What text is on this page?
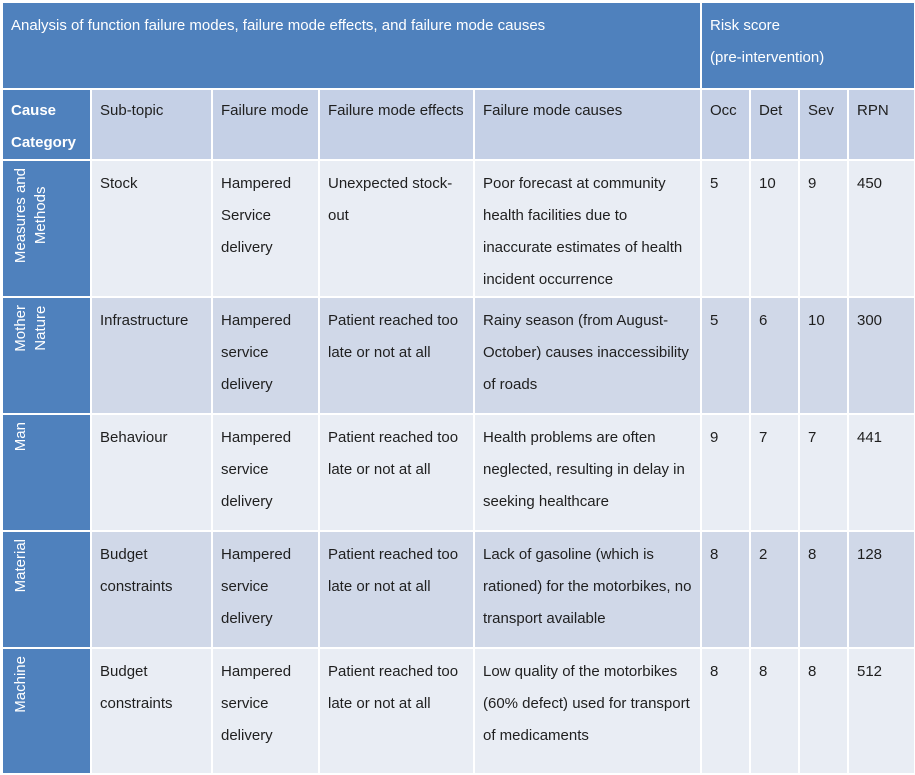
Analysis of function failure modes, failure mode effects, and failure mode causes					Risk score
(pre-intervention)			

Cause Category	Sub-topic	Failure mode	Failure mode effects	Failure mode causes	Occ	Det	Sev	RPN
Measures and
Methods	Stock	Hampered Service delivery	Unexpected stock-out	Poor forecast at community health facilities due to inaccurate estimates of health incident occurrence	5	10	9	450
Mother
Nature	Infrastructure	Hampered service delivery	Patient reached too late or not at all	Rainy season (from August-October) causes inaccessibility of roads	5	6	10	300
Man	Behaviour	Hampered service delivery	Patient reached too late or not at all	Health problems are often neglected, resulting in delay in seeking healthcare	9	7	7	441
Material	Budget constraints	Hampered service delivery	Patient reached too late or not at all	Lack of gasoline (which is rationed) for the motorbikes, no transport available	8	2	8	128
Machine	Budget constraints	Hampered service delivery	Patient reached too late or not at all	Low quality of the motorbikes (60% defect) used for transport of medicaments	8	8	8	512
